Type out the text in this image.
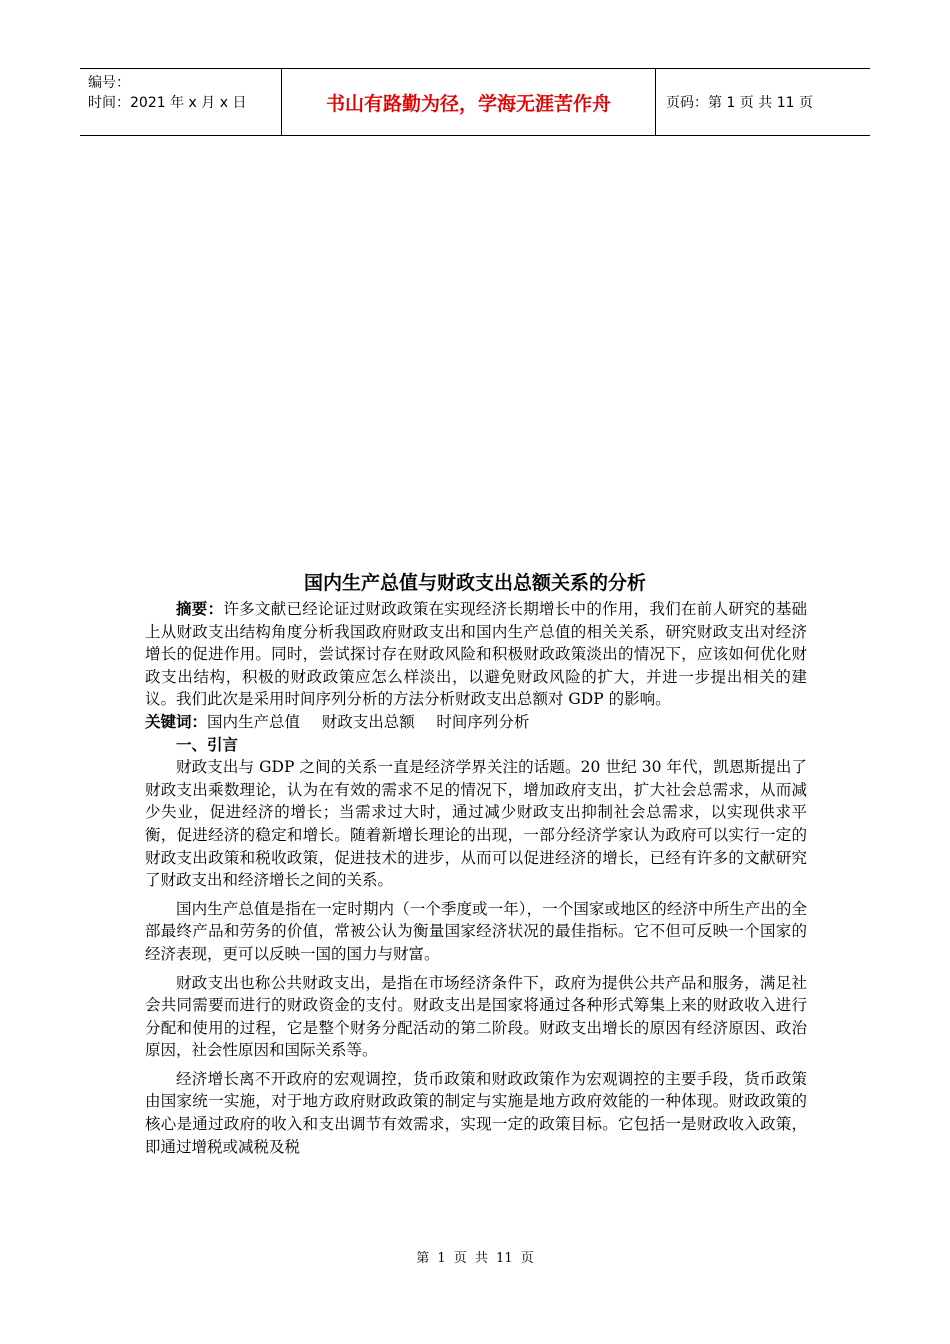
编号：
时间：2021 年 x 月 x 日	书山有路勤为径，学海无涯苦作舟	页码：第 1 页 共 11 页
国内生产总值与财政支出总额关系的分析

摘要：许多文献已经论证过财政政策在实现经济长期增长中的作用，我们在前人研究的基础上从财政支出结构角度分析我国政府财政支出和国内生产总值的相关关系，研究财政支出对经济增长的促进作用。同时，尝试探讨存在财政风险和积极财政政策淡出的情况下，应该如何优化财政支出结构，积极的财政政策应怎么样淡出，以避免财政风险的扩大，并进一步提出相关的建议。我们此次是采用时间序列分析的方法分析财政支出总额对 GDP 的影响。

关键词：国内生产总值 财政支出总额 时间序列分析

一、引言

财政支出与 GDP 之间的关系一直是经济学界关注的话题。20 世纪 30 年代，凯恩斯提出了财政支出乘数理论，认为在有效的需求不足的情况下，增加政府支出，扩大社会总需求，从而减少失业，促进经济的增长；当需求过大时，通过减少财政支出抑制社会总需求，以实现供求平衡，促进经济的稳定和增长。随着新增长理论的出现，一部分经济学家认为政府可以实行一定的财政支出政策和税收政策，促进技术的进步，从而可以促进经济的增长，已经有许多的文献研究了财政支出和经济增长之间的关系。

国内生产总值是指在一定时期内（一个季度或一年），一个国家或地区的经济中所生产出的全部最终产品和劳务的价值，常被公认为衡量国家经济状况的最佳指标。它不但可反映一个国家的经济表现，更可以反映一国的国力与财富。

财政支出也称公共财政支出，是指在市场经济条件下，政府为提供公共产品和服务，满足社会共同需要而进行的财政资金的支付。财政支出是国家将通过各种形式筹集上来的财政收入进行分配和使用的过程，它是整个财务分配活动的第二阶段。财政支出增长的原因有经济原因、政治原因，社会性原因和国际关系等。

经济增长离不开政府的宏观调控，货币政策和财政政策作为宏观调控的主要手段，货币政策由国家统一实施，对于地方政府财政政策的制定与实施是地方政府效能的一种体现。财政政策的核心是通过政府的收入和支出调节有效需求，实现一定的政策目标。它包括一是财政收入政策，即通过增税或减税及税

第 1 页 共 11 页
